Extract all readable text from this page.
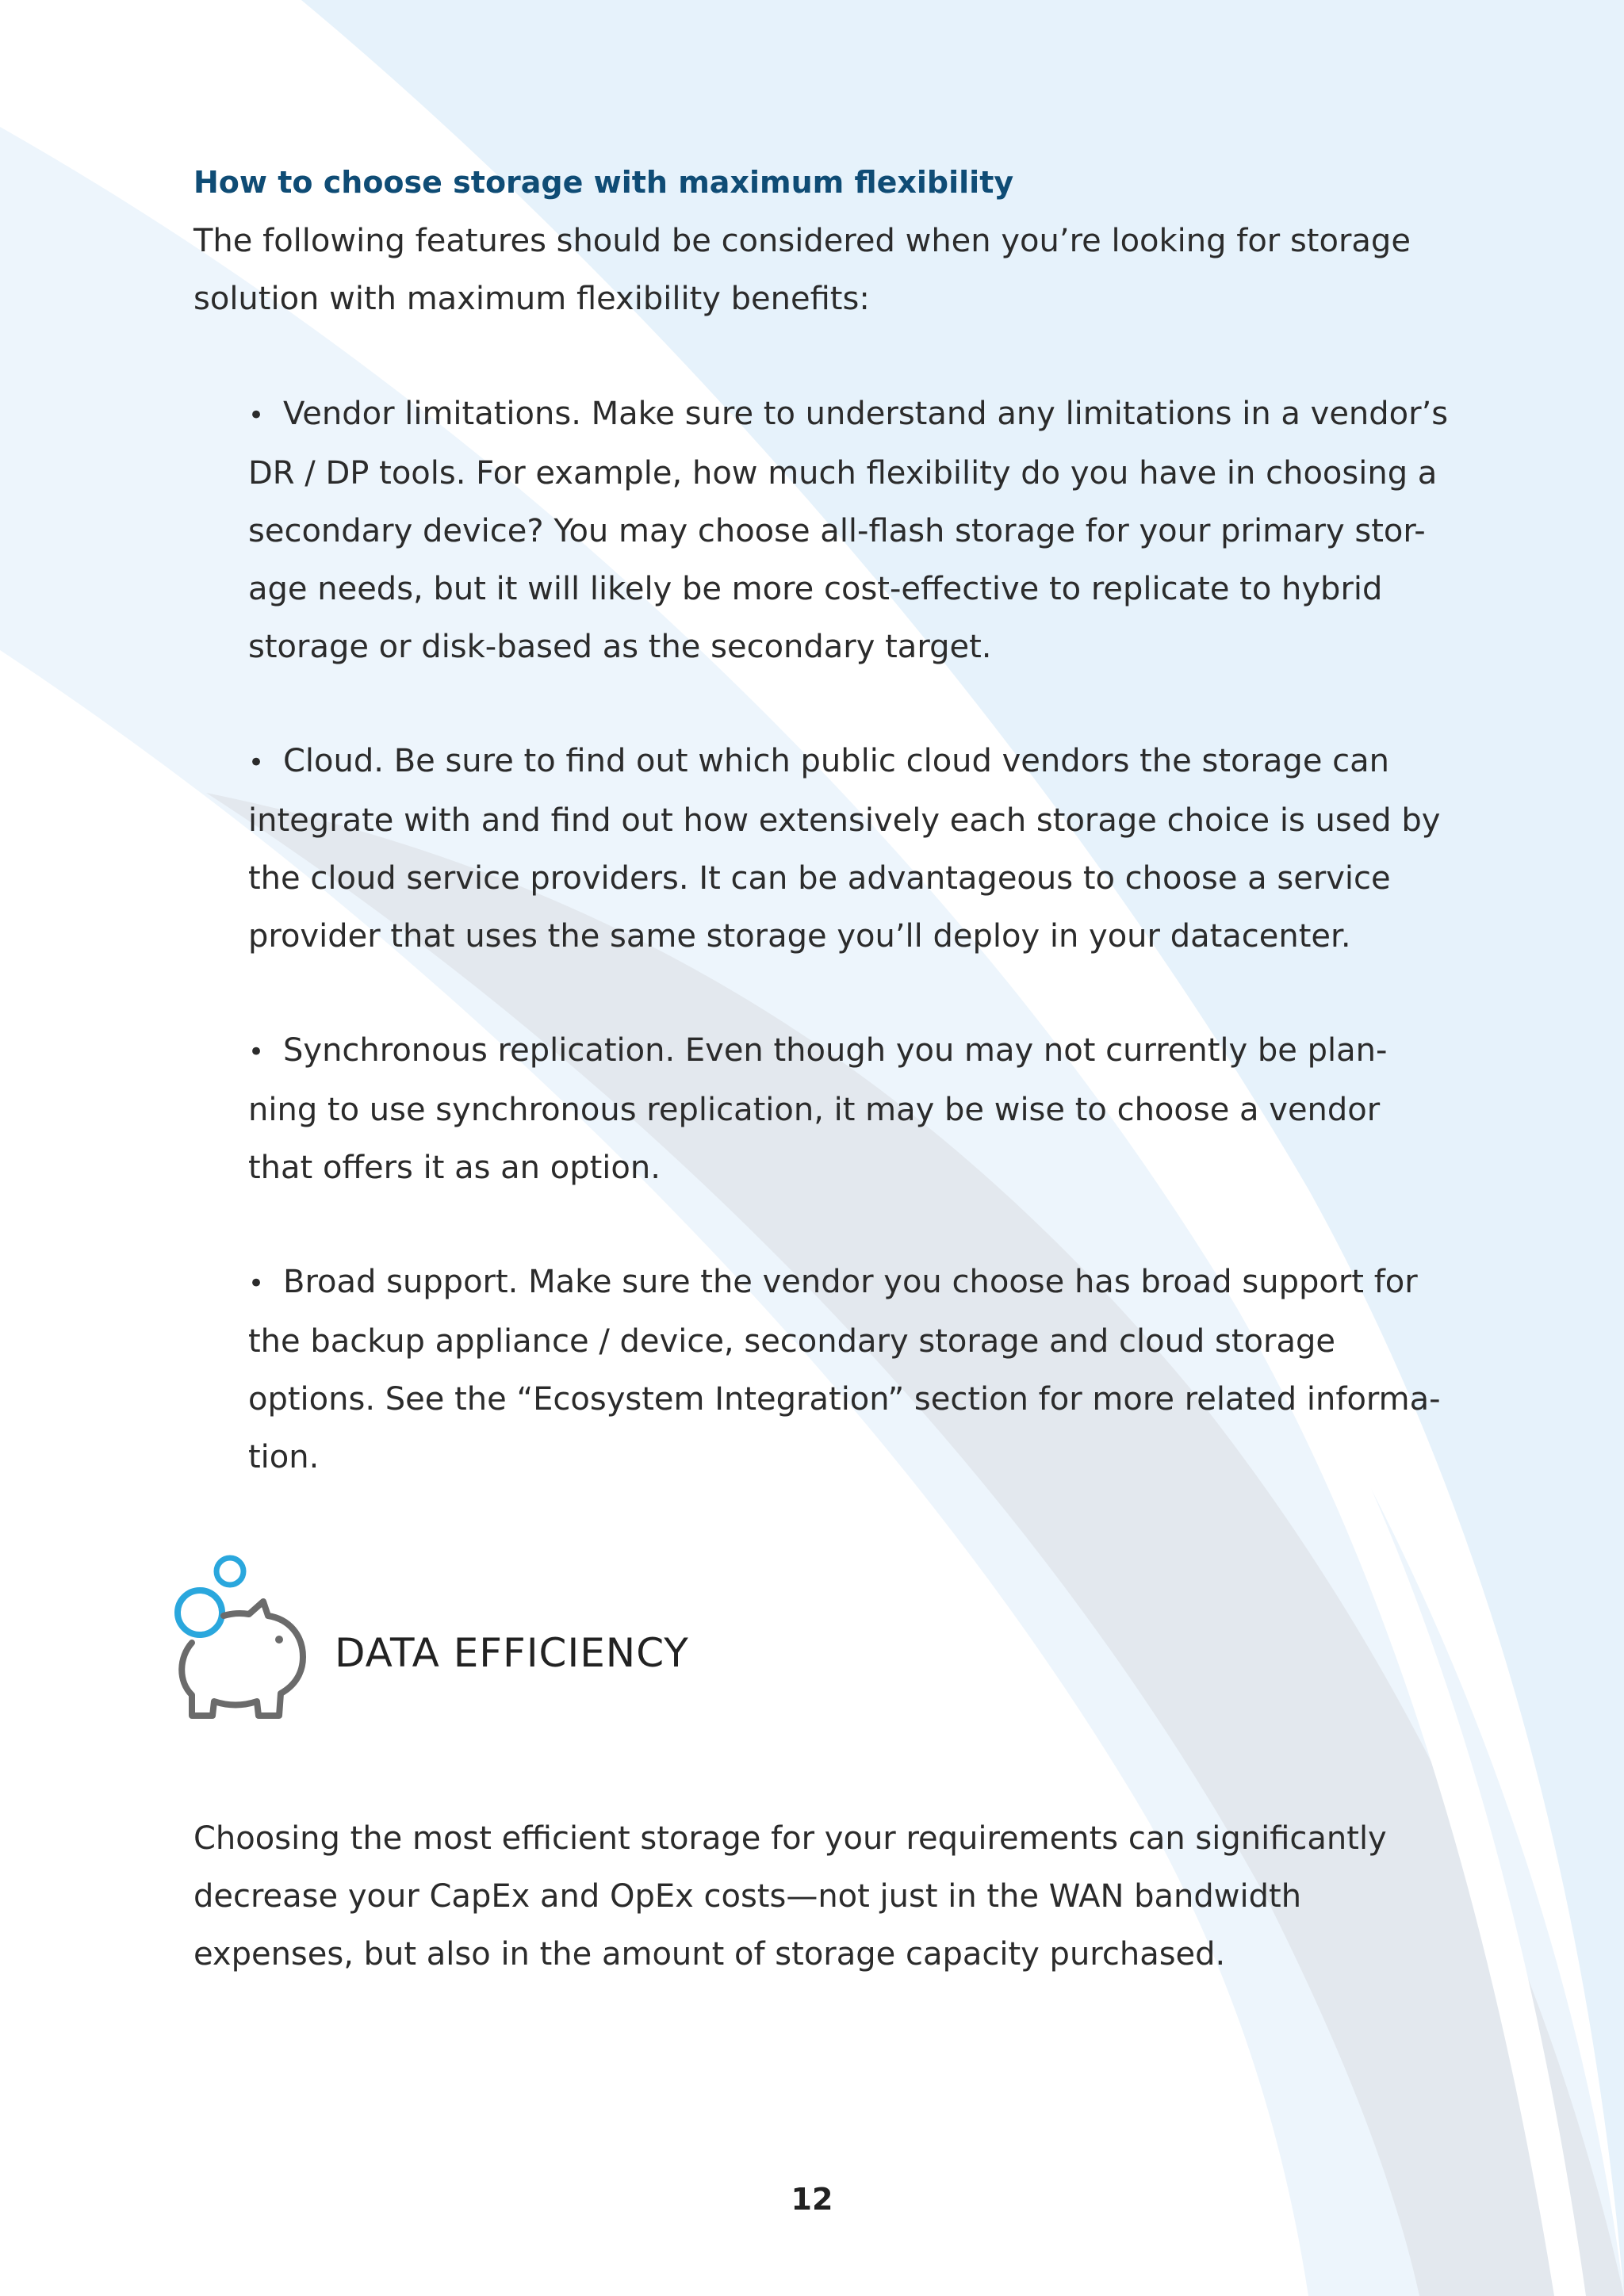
How to choose storage with maximum flexibility

The following features should be considered when you’re looking for storage
solution with maximum flexibility benefits:

• Vendor limitations. Make sure to understand any limitations in a vendor’s
DR / DP tools. For example, how much flexibility do you have in choosing a
secondary device? You may choose all-flash storage for your primary stor-
age needs, but it will likely be more cost-effective to replicate to hybrid
storage or disk-based as the secondary target.

• Cloud. Be sure to find out which public cloud vendors the storage can
integrate with and find out how extensively each storage choice is used by
the cloud service providers. It can be advantageous to choose a service
provider that uses the same storage you’ll deploy in your datacenter.

• Synchronous replication. Even though you may not currently be plan-
ning to use synchronous replication, it may be wise to choose a vendor
that offers it as an option.

• Broad support. Make sure the vendor you choose has broad support for
the backup appliance / device, secondary storage and cloud storage
options. See the “Ecosystem Integration” section for more related informa-
tion.

DATA EFFICIENCY

Choosing the most efficient storage for your requirements can significantly
decrease your CapEx and OpEx costs—not just in the WAN bandwidth
expenses, but also in the amount of storage capacity purchased.

12
